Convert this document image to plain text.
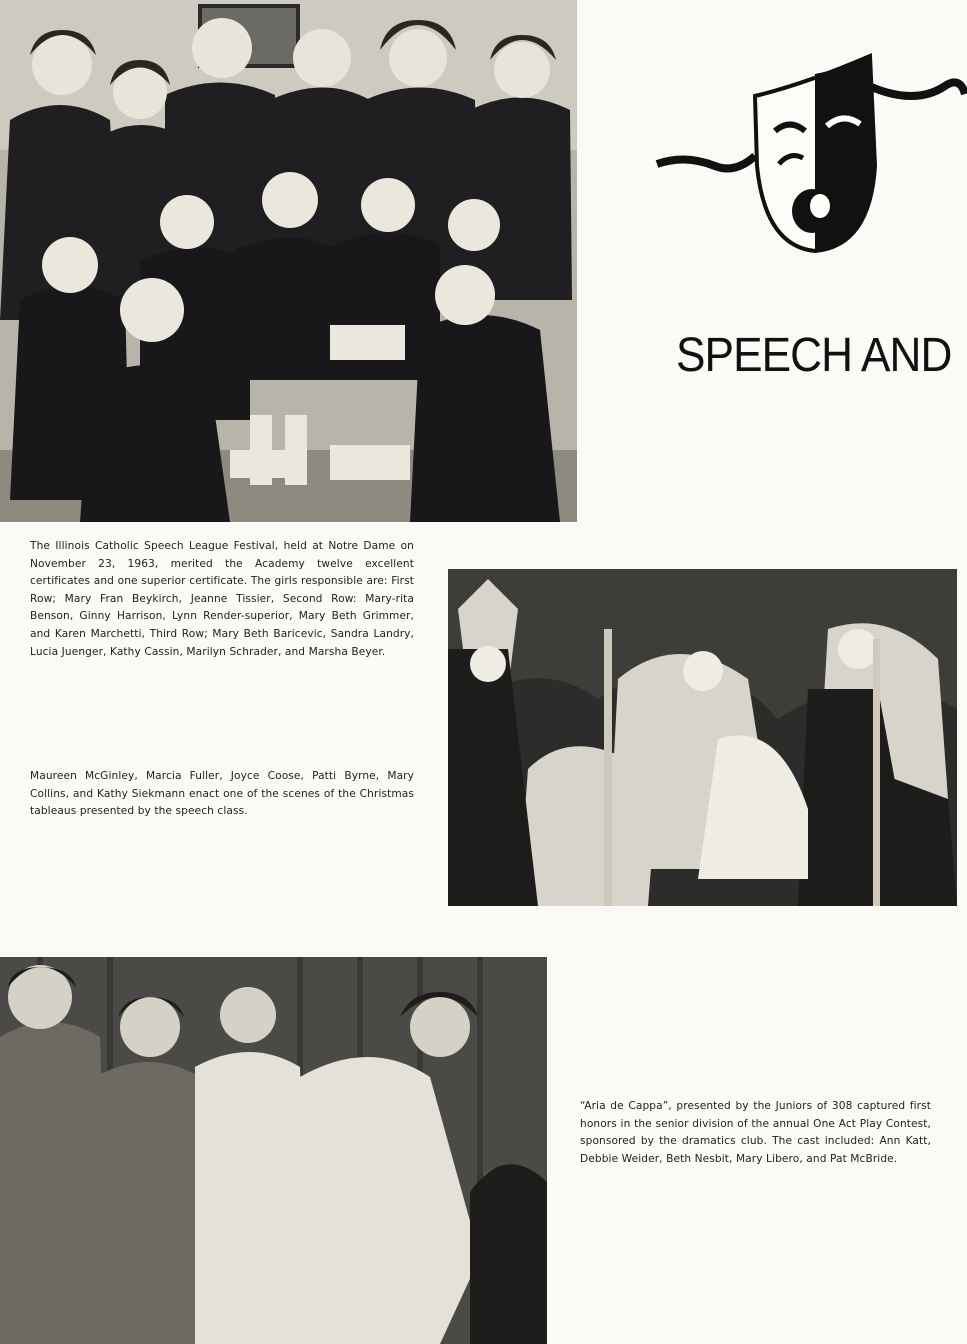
SPEECH AND

The Illinois Catholic Speech League Festival, held at Notre Dame on November 23, 1963, merited the Academy twelve excellent certificates and one superior certificate. The girls responsible are: First Row; Mary Fran Beykirch, Jeanne Tissier, Second Row: Mary-rita Benson, Ginny Harrison, Lynn Render-superior, Mary Beth Grimmer, and Karen Marchetti, Third Row; Mary Beth Baricevic, Sandra Landry, Lucia Juenger, Kathy Cassin, Marilyn Schrader, and Marsha Beyer.

Maureen McGinley, Marcia Fuller, Joyce Coose, Patti Byrne, Mary Collins, and Kathy Siekmann enact one of the scenes of the Christmas tableaus presented by the speech class.

“Aria de Cappa”, presented by the Juniors of 308 captured first honors in the senior division of the annual One Act Play Contest, sponsored by the dramatics club. The cast included: Ann Katt, Debbie Weider, Beth Nesbit, Mary Libero, and Pat McBride.
